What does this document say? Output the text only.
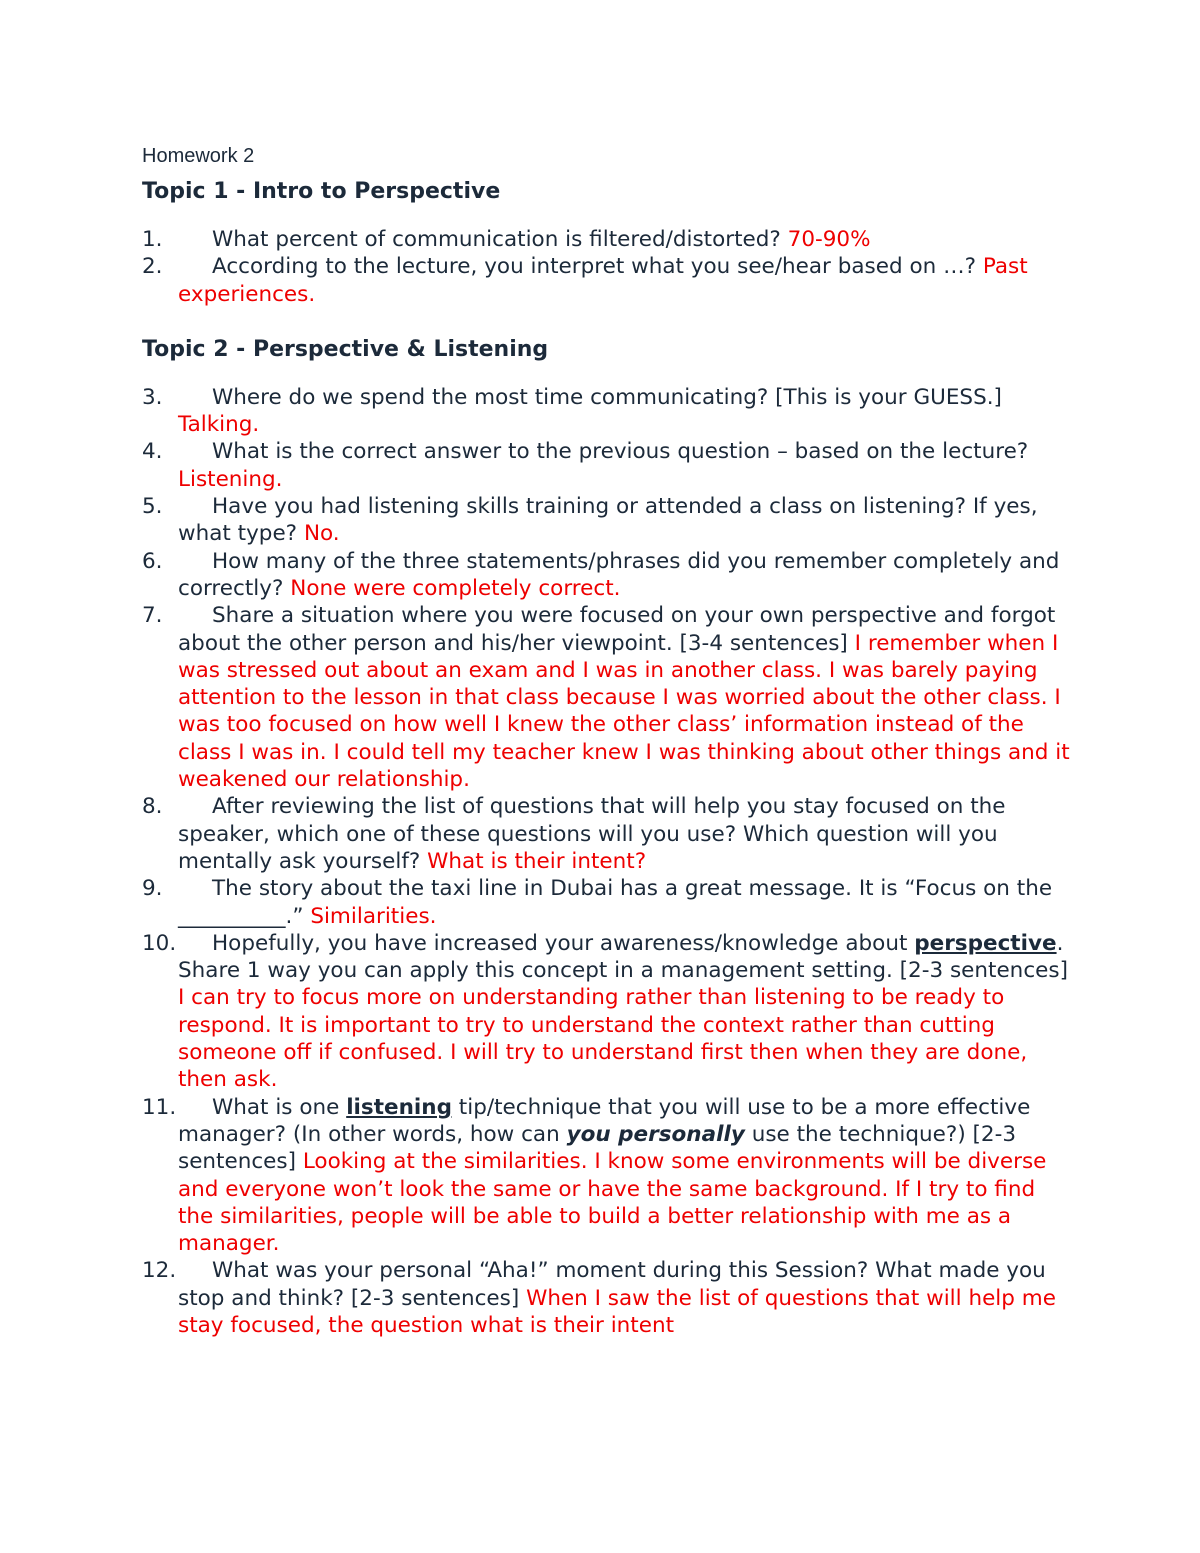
Homework 2
Topic 1 - Intro to Perspective
1.	What percent of communication is filtered/distorted? 70-90%
2.	According to the lecture, you interpret what you see/hear based on …? Past experiences.
Topic 2 - Perspective & Listening
3.	Where do we spend the most time communicating? [This is your GUESS.] Talking.
4.	What is the correct answer to the previous question – based on the lecture? Listening.
5.	Have you had listening skills training or attended a class on listening? If yes, what type? No.
6.	How many of the three statements/phrases did you remember completely and correctly? None were completely correct.
7.	Share a situation where you were focused on your own perspective and forgot about the other person and his/her viewpoint. [3-4 sentences] I remember when I was stressed out about an exam and I was in another class. I was barely paying attention to the lesson in that class because I was worried about the other class. I was too focused on how well I knew the other class’ information instead of the class I was in. I could tell my teacher knew I was thinking about other things and it weakened our relationship.
8.	After reviewing the list of questions that will help you stay focused on the speaker, which one of these questions will you use? Which question will you mentally ask yourself? What is their intent?
9.	The story about the taxi line in Dubai has a great message. It is “Focus on the __________.” Similarities.
10. Hopefully, you have increased your awareness/knowledge about perspective. Share 1 way you can apply this concept in a management setting. [2-3 sentences] I can try to focus more on understanding rather than listening to be ready to respond. It is important to try to understand the context rather than cutting someone off if confused. I will try to understand first then when they are done, then ask.
11. What is one listening tip/technique that you will use to be a more effective manager? (In other words, how can you personally use the technique?) [2-3 sentences] Looking at the similarities. I know some environments will be diverse and everyone won’t look the same or have the same background. If I try to find the similarities, people will be able to build a better relationship with me as a manager.
12. What was your personal “Aha!” moment during this Session? What made you stop and think? [2-3 sentences] When I saw the list of questions that will help me stay focused, the question what is their intent
